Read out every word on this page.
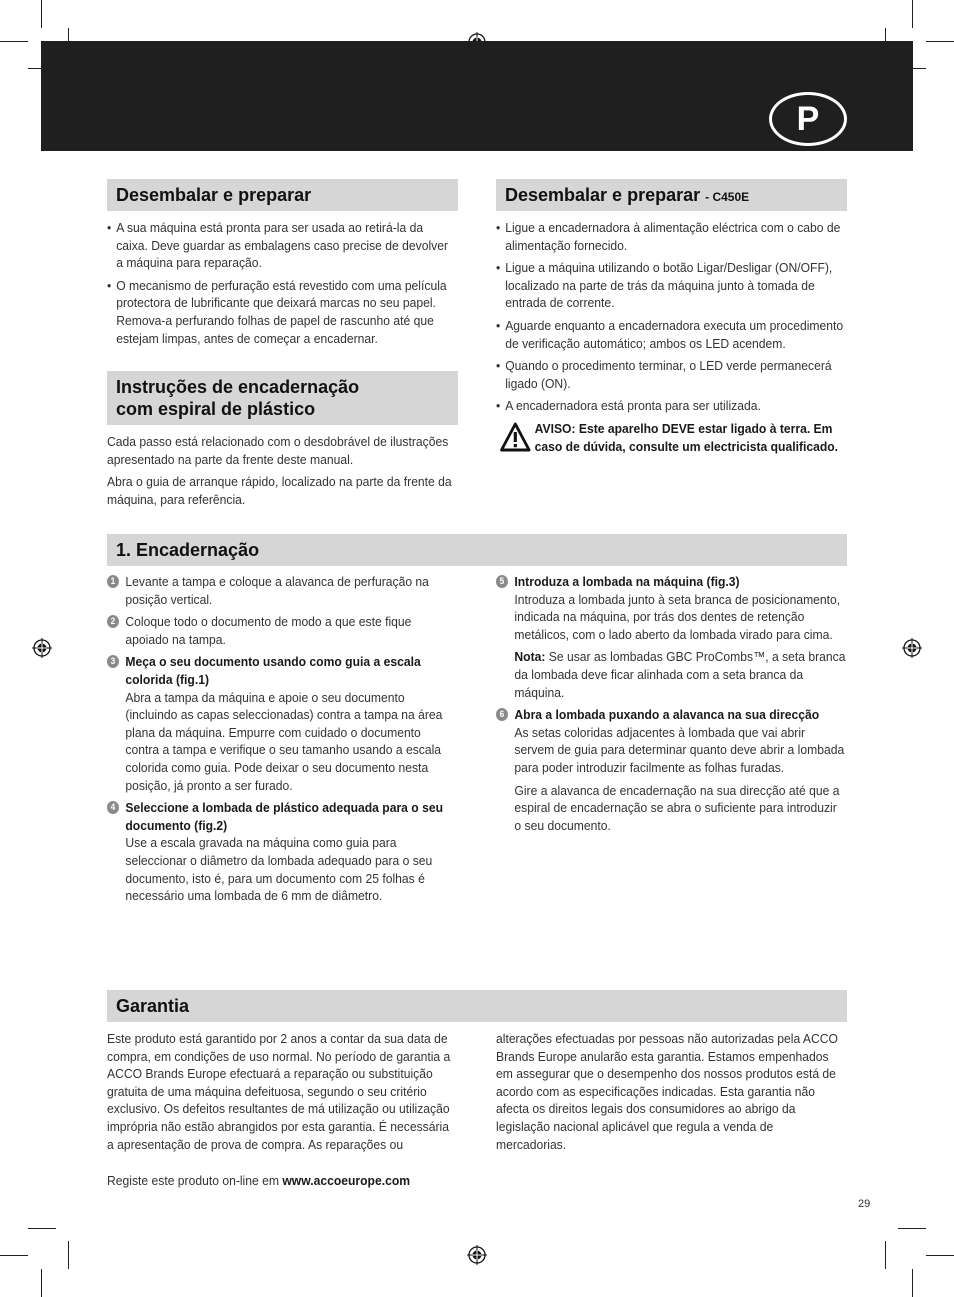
P
Desembalar e preparar
• A sua máquina está pronta para ser usada ao retirá-la da caixa. Deve guardar as embalagens caso precise de devolver a máquina para reparação.
• O mecanismo de perfuração está revestido com uma película protectora de lubrificante que deixará marcas no seu papel. Remova-a perfurando folhas de papel de rascunho até que estejam limpas, antes de começar a encadernar.
Instruções de encadernação
com espiral de plástico

Cada passo está relacionado com o desdobrável de ilustrações apresentado na parte da frente deste manual.

Abra o guia de arranque rápido, localizado na parte da frente da máquina, para referência.

Desembalar e preparar - C450E
• Ligue a encadernadora à alimentação eléctrica com o cabo de alimentação fornecido.
• Ligue a máquina utilizando o botão Ligar/Desligar (ON/OFF), localizado na parte de trás da máquina junto à tomada de entrada de corrente.
• Aguarde enquanto a encadernadora executa um procedimento de verificação automático; ambos os LED acendem.
• Quando o procedimento terminar, o LED verde permanecerá ligado (ON).
• A encadernadora está pronta para ser utilizada.
AVISO: Este aparelho DEVE estar ligado à terra. Em caso de dúvida, consulte um electricista qualificado.
1. Encadernação
1 Levante a tampa e coloque a alavanca de perfuração na posição vertical.
2 Coloque todo o documento de modo a que este fique apoiado na tampa.
3 Meça o seu documento usando como guia a escala colorida (fig.1)
Abra a tampa da máquina e apoie o seu documento (incluindo as capas seleccionadas) contra a tampa na área plana da máquina. Empurre com cuidado o documento contra a tampa e verifique o seu tamanho usando a escala colorida como guia. Pode deixar o seu documento nesta posição, já pronto a ser furado.
4 Seleccione a lombada de plástico adequada para o seu documento (fig.2)
Use a escala gravada na máquina como guia para seleccionar o diâmetro da lombada adequado para o seu documento, isto é, para um documento com 25 folhas é necessário uma lombada de 6 mm de diâmetro.
5 Introduza a lombada na máquina (fig.3)
Introduza a lombada junto à seta branca de posicionamento, indicada na máquina, por trás dos dentes de retenção metálicos, com o lado aberto da lombada virado para cima.
Nota: Se usar as lombadas GBC ProCombs™, a seta branca da lombada deve ficar alinhada com a seta branca da máquina.
6 Abra a lombada puxando a alavanca na sua direcção
As setas coloridas adjacentes à lombada que vai abrir servem de guia para determinar quanto deve abrir a lombada para poder introduzir facilmente as folhas furadas.
Gire a alavanca de encadernação na sua direcção até que a espiral de encadernação se abra o suficiente para introduzir o seu documento.
Garantia

Este produto está garantido por 2 anos a contar da sua data de compra, em condições de uso normal. No período de garantia a ACCO Brands Europe efectuará a reparação ou substituição gratuita de uma máquina defeituosa, segundo o seu critério exclusivo. Os defeitos resultantes de má utilização ou utilização imprópria não estão abrangidos por esta garantia. É necessária a apresentação de prova de compra. As reparações ou

alterações efectuadas por pessoas não autorizadas pela ACCO Brands Europe anularão esta garantia. Estamos empenhados em assegurar que o desempenho dos nossos produtos está de acordo com as especificações indicadas. Esta garantia não afecta os direitos legais dos consumidores ao abrigo da legislação nacional aplicável que regula a venda de mercadorias.

Registe este produto on-line em www.accoeurope.com
29
